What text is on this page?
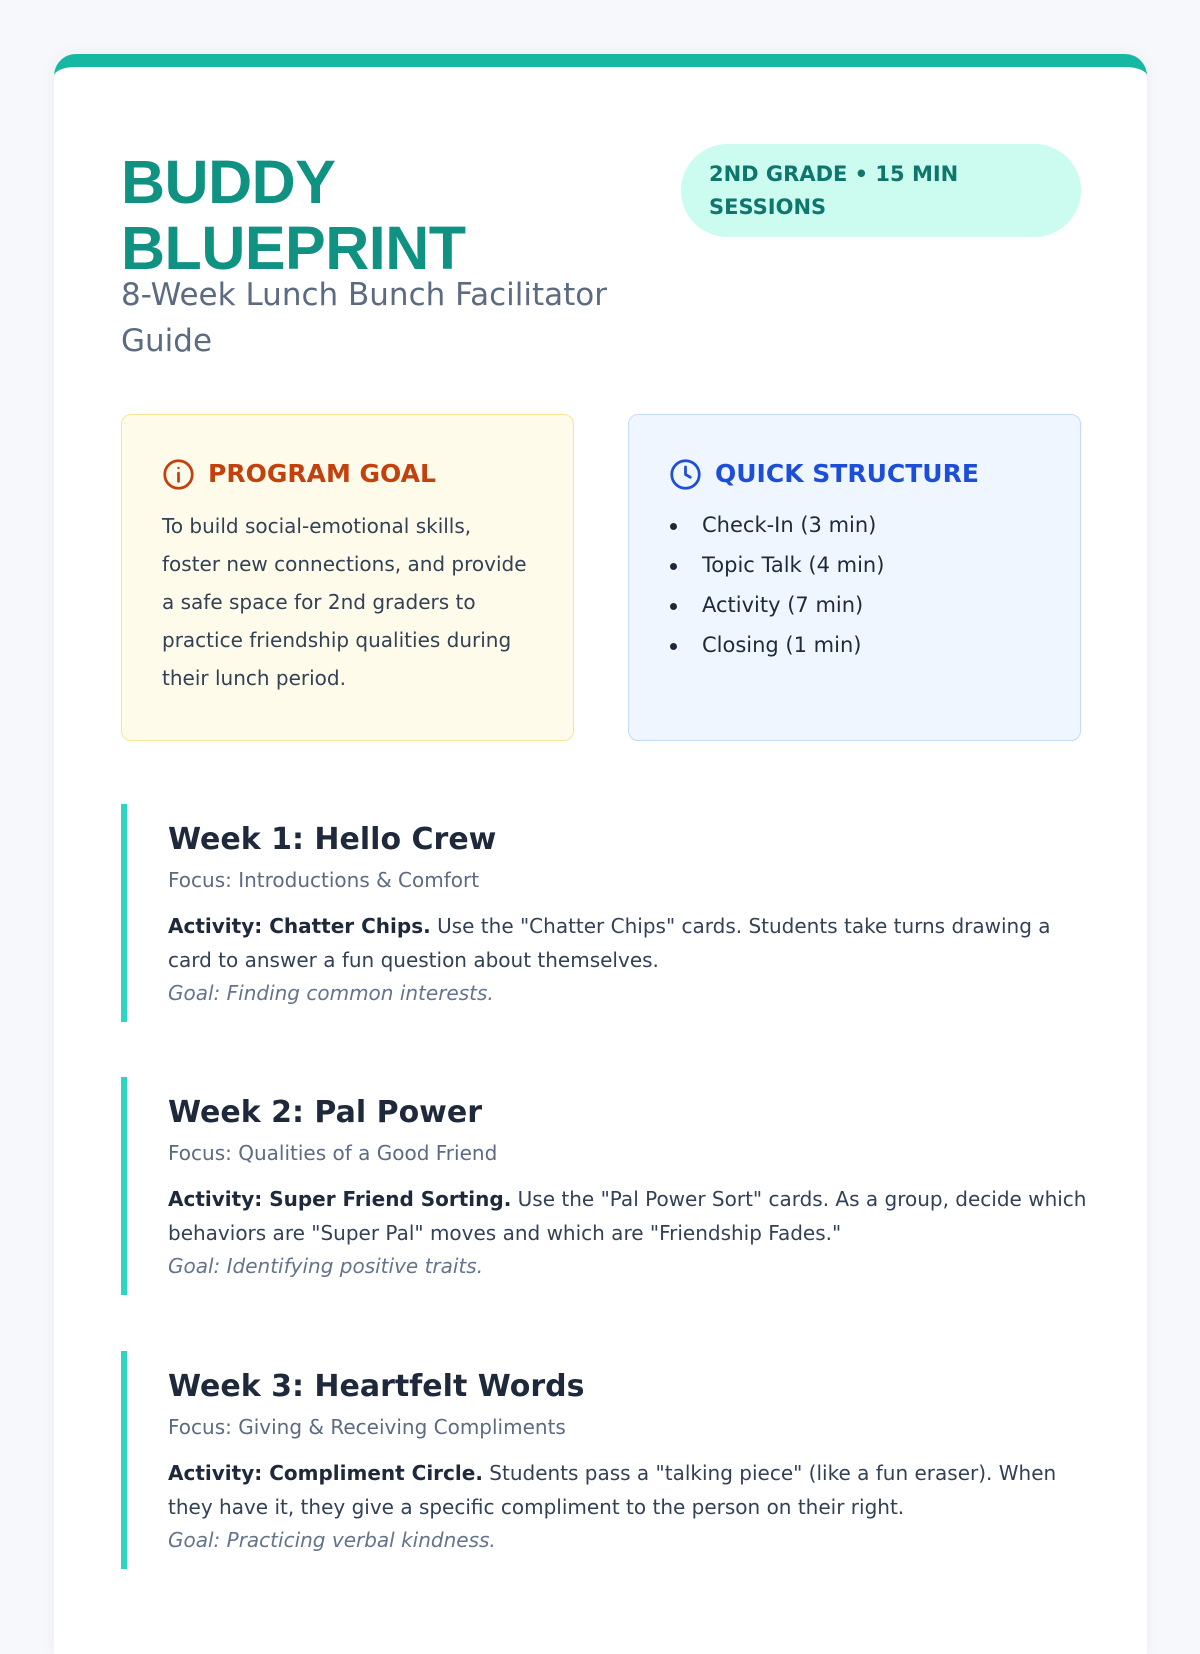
BUDDY BLUEPRINT
8-Week Lunch Bunch Facilitator Guide
2ND GRADE • 15 MIN SESSIONS
PROGRAM GOAL

To build social-emotional skills, foster new connections, and provide a safe space for 2nd graders to practice friendship qualities during their lunch period.

QUICK STRUCTURE
Check-In (3 min)
Topic Talk (4 min)
Activity (7 min)
Closing (1 min)
Week 1: Hello Crew
Focus: Introductions & Comfort

Activity: Chatter Chips. Use the "Chatter Chips" cards. Students take turns drawing a card to answer a fun question about themselves.

Goal: Finding common interests.
Week 2: Pal Power
Focus: Qualities of a Good Friend

Activity: Super Friend Sorting. Use the "Pal Power Sort" cards. As a group, decide which behaviors are "Super Pal" moves and which are "Friendship Fades."

Goal: Identifying positive traits.
Week 3: Heartfelt Words
Focus: Giving & Receiving Compliments

Activity: Compliment Circle. Students pass a "talking piece" (like a fun eraser). When they have it, they give a specific compliment to the person on their right.

Goal: Practicing verbal kindness.
